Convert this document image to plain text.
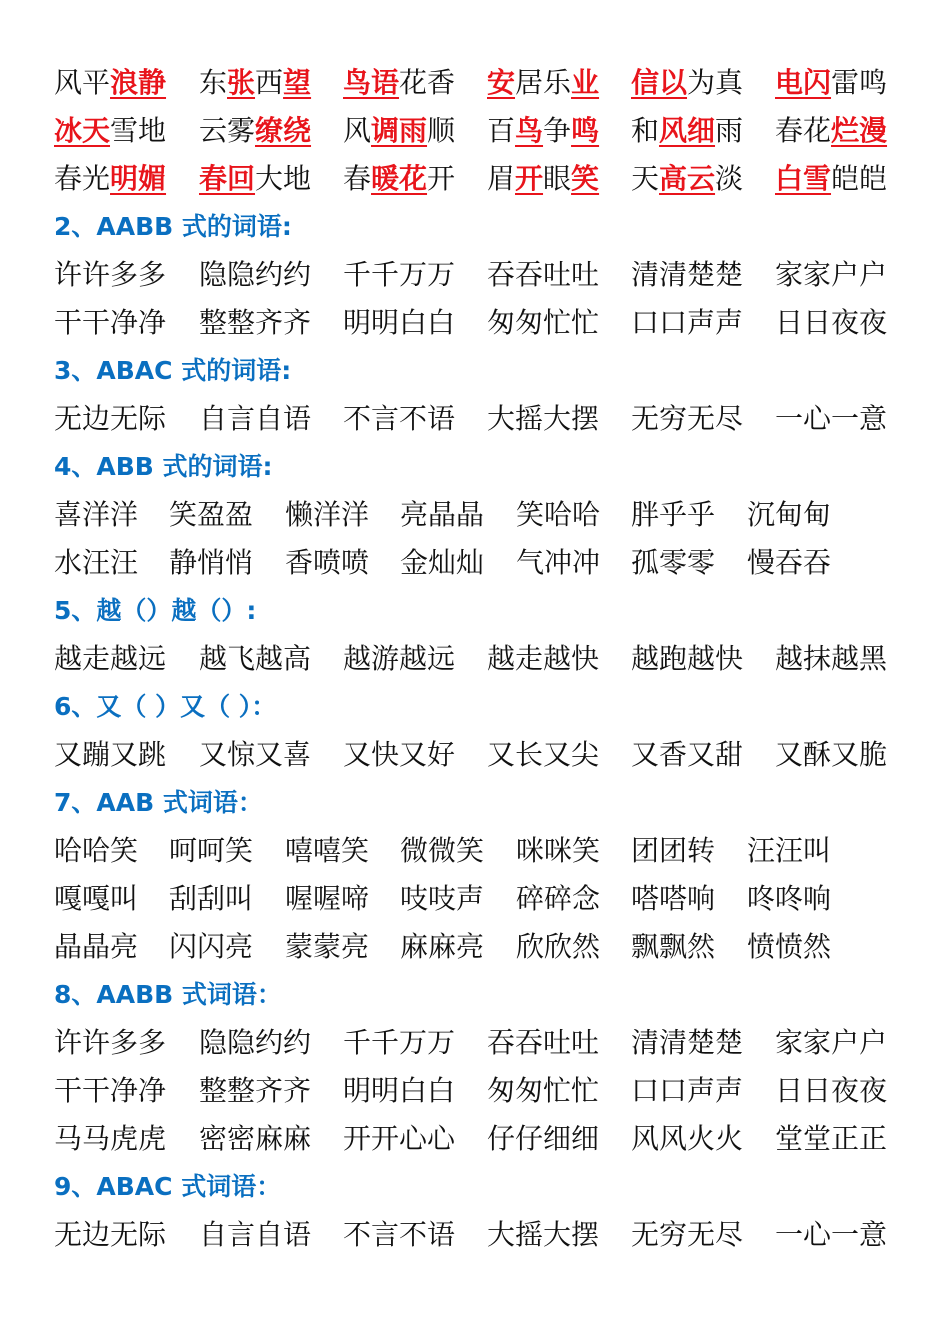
风平浪静 东张西望 鸟语花香 安居乐业 信以为真 电闪雷鸣
冰天雪地 云雾缭绕 风调雨顺 百鸟争鸣 和风细雨 春花烂漫
春光明媚 春回大地 春暖花开 眉开眼笑 天高云淡 白雪皑皑
2、AABB 式的词语:
许许多多 隐隐约约 千千万万 吞吞吐吐 清清楚楚 家家户户
干干净净 整整齐齐 明明白白 匆匆忙忙 口口声声 日日夜夜
3、ABAC 式的词语:
无边无际 自言自语 不言不语 大摇大摆 无穷无尽 一心一意
4、ABB 式的词语:
喜洋洋 笑盈盈 懒洋洋 亮晶晶 笑哈哈 胖乎乎 沉甸甸
水汪汪 静悄悄 香喷喷 金灿灿 气冲冲 孤零零 慢吞吞
5、越（）越（）:
越走越远 越飞越高 越游越远 越走越快 越跑越快 越抹越黑
6、又（ ）又（ ）：
又蹦又跳 又惊又喜 又快又好 又长又尖 又香又甜 又酥又脆
7、AAB 式词语：
哈哈笑 呵呵笑 嘻嘻笑 微微笑 咪咪笑 团团转 汪汪叫
嘎嘎叫 刮刮叫 喔喔啼 吱吱声 碎碎念 嗒嗒响 咚咚响
晶晶亮 闪闪亮 蒙蒙亮 麻麻亮 欣欣然 飘飘然 愤愤然
8、AABB 式词语：
许许多多 隐隐约约 千千万万 吞吞吐吐 清清楚楚 家家户户
干干净净 整整齐齐 明明白白 匆匆忙忙 口口声声 日日夜夜
马马虎虎 密密麻麻 开开心心 仔仔细细 风风火火 堂堂正正
9、ABAC 式词语：
无边无际 自言自语 不言不语 大摇大摆 无穷无尽 一心一意
